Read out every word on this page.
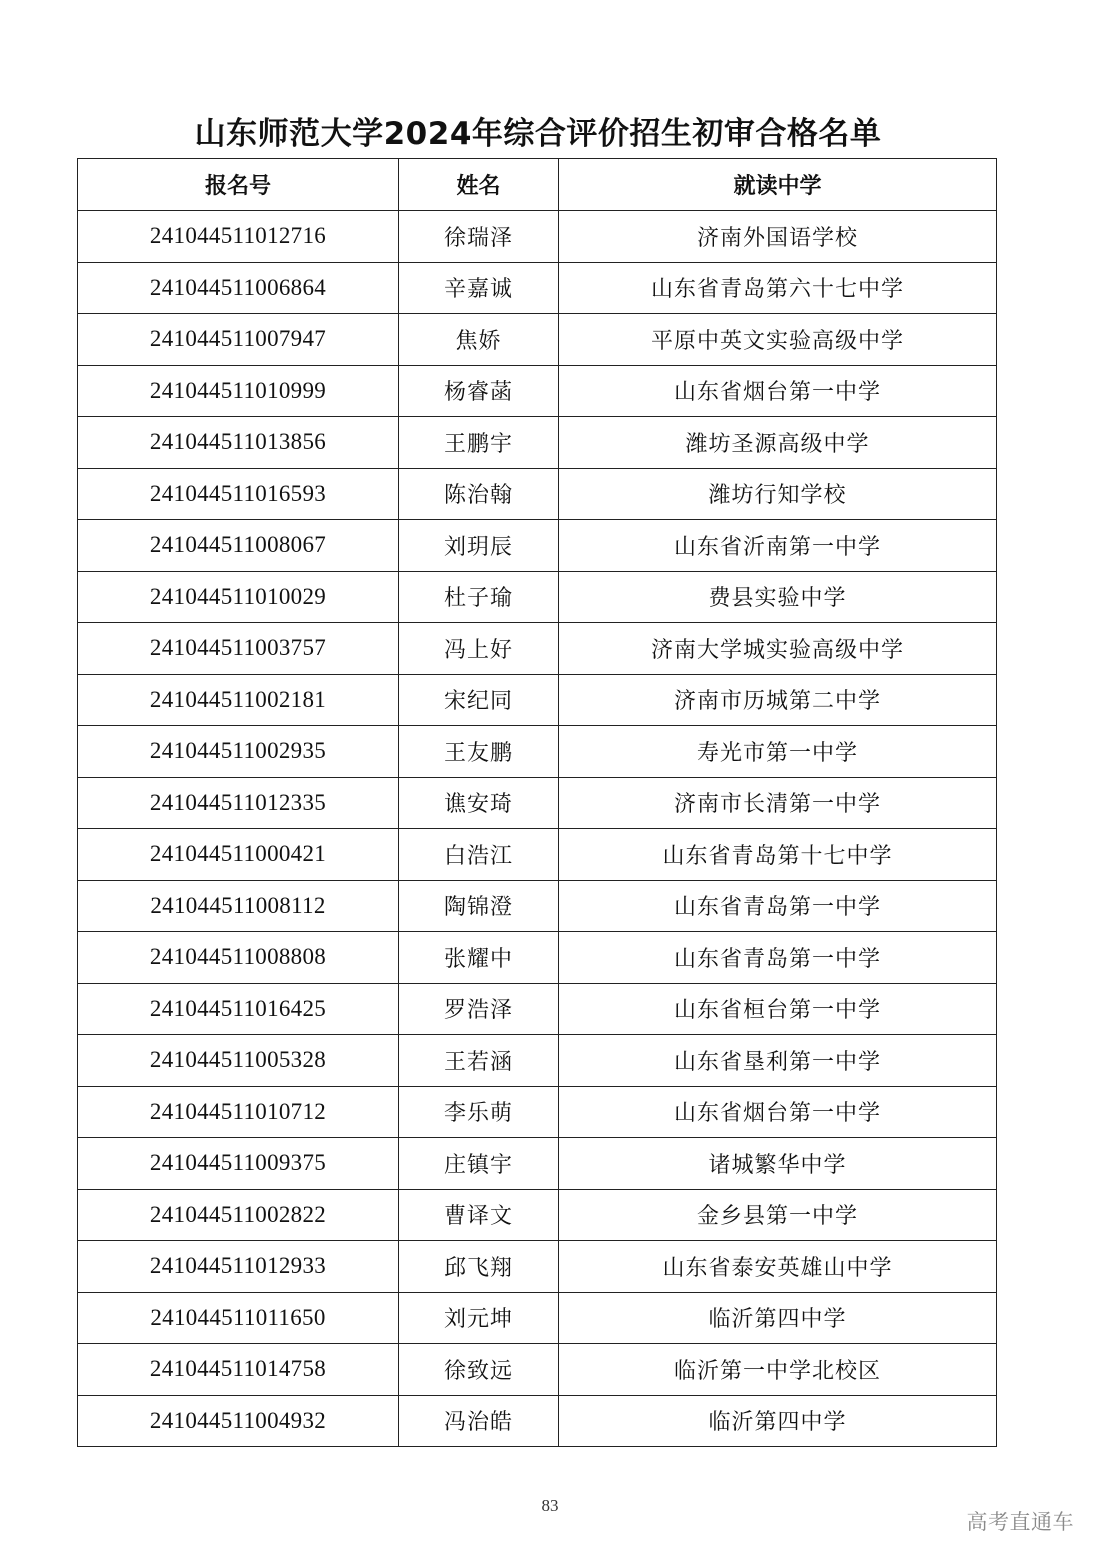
山东师范大学2024年综合评价招生初审合格名单
报名号	姓名	就读中学
241044511012716	徐瑞泽	济南外国语学校
241044511006864	辛嘉诚	山东省青岛第六十七中学
241044511007947	焦娇	平原中英文实验高级中学
241044511010999	杨睿菡	山东省烟台第一中学
241044511013856	王鹏宇	潍坊圣源高级中学
241044511016593	陈治翰	潍坊行知学校
241044511008067	刘玥辰	山东省沂南第一中学
241044511010029	杜子瑜	费县实验中学
241044511003757	冯上好	济南大学城实验高级中学
241044511002181	宋纪同	济南市历城第二中学
241044511002935	王友鹏	寿光市第一中学
241044511012335	谯安琦	济南市长清第一中学
241044511000421	白浩江	山东省青岛第十七中学
241044511008112	陶锦澄	山东省青岛第一中学
241044511008808	张耀中	山东省青岛第一中学
241044511016425	罗浩泽	山东省桓台第一中学
241044511005328	王若涵	山东省垦利第一中学
241044511010712	李乐萌	山东省烟台第一中学
241044511009375	庄镇宇	诸城繁华中学
241044511002822	曹译文	金乡县第一中学
241044511012933	邱飞翔	山东省泰安英雄山中学
241044511011650	刘元坤	临沂第四中学
241044511014758	徐致远	临沂第一中学北校区
241044511004932	冯治皓	临沂第四中学
83
高考直通车
